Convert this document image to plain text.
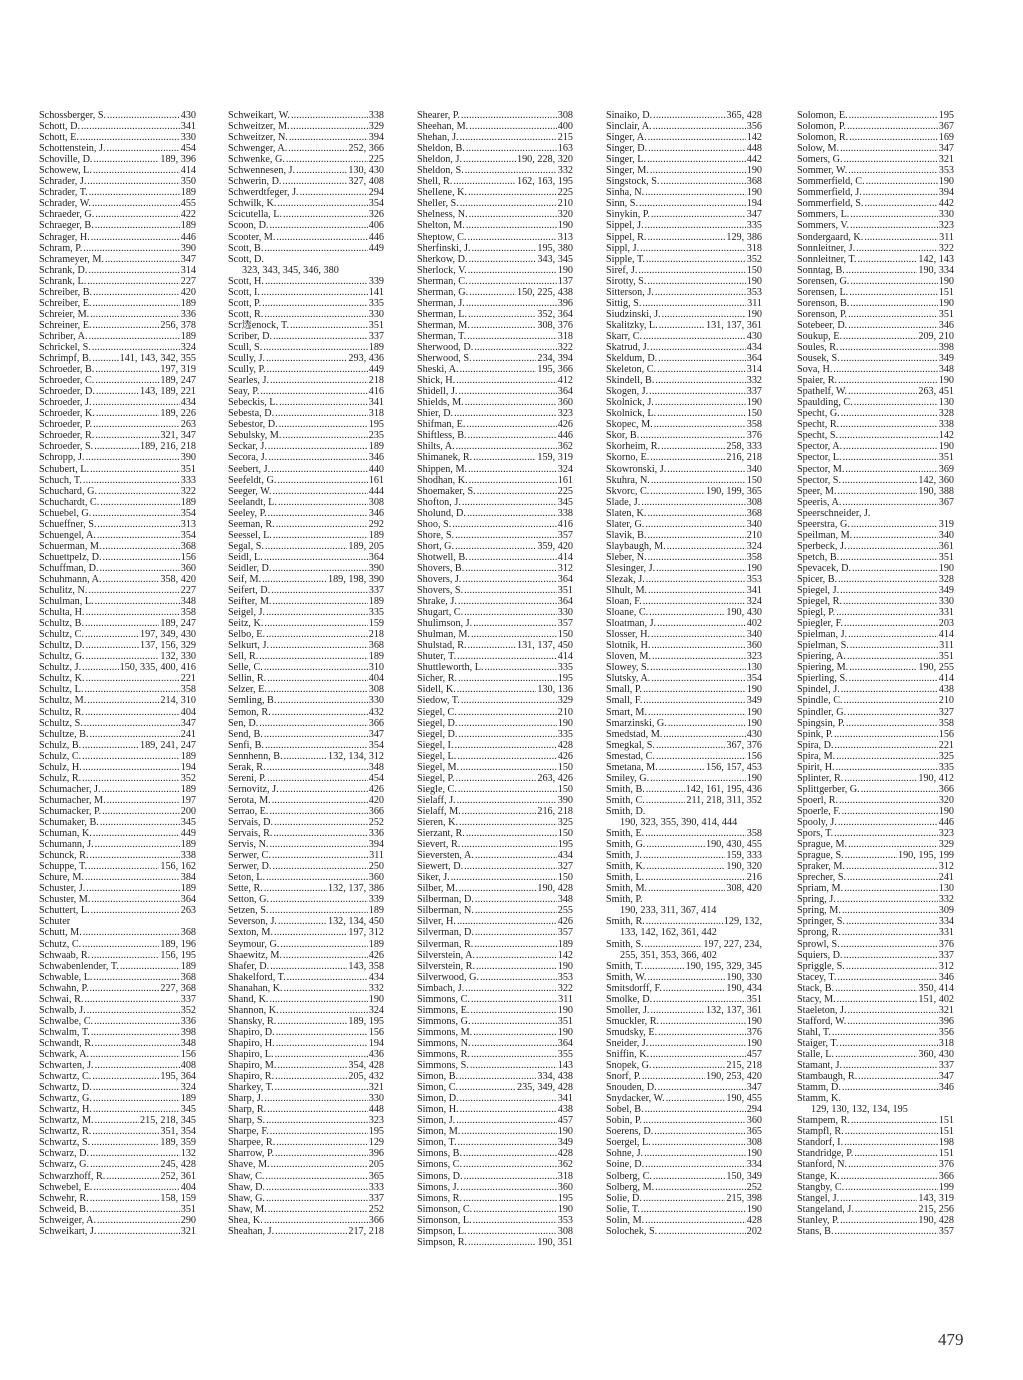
Schossberger, S. . . .	430
Schott, D. . . .	341
Schott, E. . . .	330
Schottenstein, J. . . .	454
Schoville, D. . . .	189, 396
Schowew, L. . . .	414
Schrader, J. . . .	350
Schrader, T. . . .	189
Schrader, W. . . .	455
Schraeder, G. . . .	422
Schraeger, B. . . .	189
Schrager, H. . . .	446
Schram, P. . . .	390
Schrameyer, M. . . .	347
Schrank, D. . . .	314
Schrank, L. . . .	227
Schreiber, B. . . .	420
Schreiber, E. . . .	189
Schreier, M. . . .	336
Schreiner, E. . . .	256, 378
Schriber, A. . . .	189
Schrickel, S. . . .	324
Schrimpf, B. . . .	141, 143, 342, 355
Schroeder, B. . . .	197, 319
Schroeder, C. . . .	189, 247
Schroeder, D. . . .	143, 189, 221
Schroeder, J. . . .	434
Schroeder, K. . . .	189, 226
Schroeder, P. . . .	263
Schroeder, R. . . .	321, 347
Schroeder, S. . . .	189, 216, 218
Schropp, J. . . .	390
Schubert, L. . . .	351
Schuch, T. . . .	333
Schuchard, G. . . .	322
Schuchardt, C. . . .	189
Schuebel, G. . . .	354
Schueffner, S. . . .	313
Schuengel, A. . . .	354
Schuerman, M. . . .	368
Schuettpelz, D. . . .	156
Schuffman, D. . . .	360
Schuhmann, A. . . .	358, 420
Schulitz, N. . . .	227
Schulman, L. . . .	348
Schulta, H. . . .	358
Schultz, B. . . .	189, 247
Schultz, C. . . .	197, 349, 430
Schultz, D. . . .	137, 156, 329
Schultz, G. . . .	132, 330
Schultz, J. . . .	150, 335, 400, 416
Schultz, K. . . .	221
Schultz, L. . . .	358
Schultz, M. . . .	214, 310
Schultz, R. . . .	404
Schultz, S. . . .	347
Schultze, B. . . .	241
Schulz, B. . . .	189, 241, 247
Schulz, C. . . .	189
Schulz, H. . . .	194
Schulz, R. . . .	352
Schumacher, J. . . .	189
Schumacher, M. . . .	197
Schumacker, P. . . .	200
Schumaker, B. . . .	345
Schuman, K. . . .	449
Schumann, J. . . .	189
Schunck, R. . . .	338
Schuppe, T. . . .	156, 162
Schure, M. . . .	384
Schuster, J. . . .	189
Schuster, M. . . .	364
Schuttert, L. . . .	263
Schuter
Schutt, M. . . .	368
Schutz, C. . . .	189, 196
Schwaab, R. . . .	156, 195
Schwabenlender, T. . . .	189
Schwable, L. . . .	368
Schwahn, P. . . .	227, 368
Schwai, R. . . .	337
Schwalb, J. . . .	352
Schwalbe, C. . . .	336
Schwalm, T. . . .	398
Schwandt, R. . . .	348
Schwark, A. . . .	156
Schwarten, J. . . .	408
Schwartz, C. . . .	195, 364
Schwartz, D. . . .	324
Schwartz, G. . . .	189
Schwartz, H. . . .	345
Schwartz, M. . . .	215, 218, 345
Schwartz, R. . . .	351, 354
Schwartz, S. . . .	189, 359
Schwarz, D. . . .	132
Schwarz, G. . . .	245, 428
Schwarzhoff, R. . . .	252, 361
Schwebel, E. . . .	404
Schwehr, R. . . .	158, 159
Schweid, B. . . .	351
Schweiger, A. . . .	290
Schweikart, J. . . .	321
Schweikart, W. . . .	338
Schweitzer, M. . . .	329
Schweitzer, N. . . .	394
Schwenger, A. . . .	252, 366
Schwenke, G. . . .	225
Schwennesen, J. . . .	130, 430
Schwerin, D. . . .	327, 408
Schwerdtfeger, J. . . .	294
Schwilk, K. . . .	354
Scicutella, L. . . .	326
Scoon, D. . . .	406
Scooter, M. . . .	446
Scott, B. . . .	449
Scott, D.
323, 343, 345, 346, 380
Scott, H. . . .	339
Scott, I. . . .	141
Scott, P. . . .	335
Scott, R. . . .	330
Scr透enock, T. . . .	351
Scriber, D. . . .	337
Scull, S. . . .	189
Scully, J. . . .	293, 436
Scully, P. . . .	449
Searles, J. . . .	218
Seay, P. . . .	416
Sebeckis, L. . . .	341
Sebesta, D. . . .	318
Sebestor, D. . . .	195
Sebulsky, M. . . .	235
Seckar, J. . . .	189
Secora, J. . . .	346
Seebert, J. . . .	440
Seefeldt, G. . . .	161
Seeger, W. . . .	444
Seelandt, L. . . .	308
Seeley, P. . . .	346
Seeman, R. . . .	292
Seessel, L. . . .	189
Segal, S. . . .	189, 205
Seidl, L. . . .	364
Seidler, D. . . .	390
Seif, M. . . .	189, 198, 390
Seifert, D. . . .	337
Seifter, M. . . .	189
Seigel, J. . . .	335
Seitz, K. . . .	159
Selbo, E. . . .	218
Selkurt, J. . . .	368
Sell, R. . . .	189
Selle, C. . . .	310
Sellin, R. . . .	404
Selzer, E. . . .	308
Semling, B. . . .	330
Semon, R. . . .	432
Sen, D. . . .	366
Send, B. . . .	347
Senfi, B. . . .	354
Sennhenn, B. . . .	132, 134, 312
Serak, R. . . .	348
Sereni, P. . . .	454
Sernovitz, J. . . .	426
Serota, M. . . .	420
Serrao, E. . . .	366
Servais, D. . . .	252
Servais, R. . . .	336
Servis, N. . . .	394
Serwer, C. . . .	311
Serwer, D. . . .	250
Seton, L. . . .	360
Sette, R. . . .	132, 137, 386
Setton, G. . . .	339
Setzen, S. . . .	189
Severson, J. . . .	132, 134, 450
Sexton, M. . . .	197, 312
Seymour, G. . . .	189
Shaewitz, M. . . .	426
Shafer, D. . . .	143, 358
Shakelford, T. . . .	434
Shanahan, K. . . .	332
Shand, K. . . .	190
Shannon, K. . . .	324
Shansky, R. . . .	189, 195
Shapiro, D. . . .	156
Shapiro, H. . . .	194
Shapiro, L. . . .	436
Shapiro, M. . . .	354, 428
Shapiro, R. . . .	205, 432
Sharkey, T. . . .	321
Sharp, J. . . .	330
Sharp, R. . . .	448
Sharp, S. . . .	323
Sharpe, F. . . .	195
Sharpee, R. . . .	129
Sharrow, P. . . .	396
Shave, M. . . .	205
Shaw, C. . . .	365
Shaw, D. . . .	333
Shaw, G. . . .	337
Shaw, M. . . .	252
Shea, K. . . .	366
Sheahan, J. . . .	217, 218
Shearer, P. . . .	308
Sheehan, M. . . .	400
Shehan, J. . . .	215
Sheldon, B. . . .	163
Sheldon, J. . . .	190, 228, 320
Sheldon, S. . . .	332
Shell, R. . . .	162, 163, 195
Shellene, K. . . .	225
Sheller, S. . . .	210
Shelness, N. . . .	320
Shelton, M. . . .	190
Sheptow, C. . . .	313
Sherfinski, J. . . .	195, 380
Sherkow, D. . . .	343, 345
Sherlock, V. . . .	190
Sherman, C. . . .	137
Sherman, G. . . .	150, 225, 438
Sherman, J. . . .	396
Sherman, L. . . .	352, 364
Sherman, M. . . .	308, 376
Sherman, T. . . .	318
Sherwood, D. . . .	322
Sherwood, S. . . .	234, 394
Sheski, A. . . .	195, 366
Shick, H. . . .	412
Shidell, J. . . .	364
Shields, M. . . .	360
Shier, D. . . .	323
Shifman, E. . . .	426
Shiftless, B. . . .	446
Shilts, A. . . .	362
Shimanek, R. . . .	159, 319
Shippen, M. . . .	324
Shodhan, K. . . .	161
Shoemaker, S. . . .	225
Shofton, J. . . .	345
Sholund, D. . . .	338
Shoo, S. . . .	416
Shore, S. . . .	357
Short, G. . . .	359, 420
Shotwell, B. . . .	414
Shovers, B. . . .	312
Shovers, J. . . .	364
Shovers, S. . . .	351
Shrake, J. . . .	364
Shugart, C. . . .	330
Shulimson, J. . . .	357
Shulman, M. . . .	150
Shulstad, R. . . .	131, 137, 450
Shuter, T. . . .	414
Shuttleworth, L. . . .	335
Sicher, R. . . .	195
Sidell, K. . . .	130, 136
Siedow, T. . . .	329
Siegel, C. . . .	210
Siegel, D. . . .	190
Siegel, D. . . .	335
Siegel, I. . . .	428
Siegel, L. . . .	426
Siegel, M. . . .	150
Siegel, P. . . .	263, 426
Siegle, C. . . .	150
Sielaff, J. . . .	390
Sielaff, M. . . .	216, 218
Sieren, K. . . .	325
Sierzant, R. . . .	150
Sievert, R. . . .	195
Sieversten, A. . . .	434
Siewert, D. . . .	327
Siker, J. . . .	150
Silber, M. . . .	190, 428
Silberman, D. . . .	348
Silberman, N. . . .	255
Silver, H. . . .	426
Silverman, D. . . .	357
Silverman, R. . . .	189
Silverstein, A. . . .	142
Silverstein, R. . . .	190
Silverwood, G. . . .	353
Simbach, J. . . .	322
Simmons, C. . . .	311
Simmons, E. . . .	190
Simmons, G. . . .	351
Simmons, M. . . .	190
Simmons, N. . . .	364
Simmons, R. . . .	355
Simmons, S. . . .	143
Simon, B. . . .	334, 438
Simon, C. . . .	235, 349, 428
Simon, D. . . .	341
Simon, H. . . .	438
Simon, J. . . .	457
Simon, M. . . .	190
Simon, T. . . .	349
Simons, B. . . .	428
Simons, C. . . .	362
Simons, D. . . .	318
Simons, J. . . .	360
Simons, R. . . .	195
Simonson, C. . . .	190
Simonson, L. . . .	353
Simpson, L. . . .	308
Simpson, R. . . .	190, 351
Sinaiko, D. . . .	365, 428
Sinclair, A. . . .	356
Singer, A. . . .	142
Singer, D. . . .	448
Singer, L. . . .	442
Singer, M. . . .	190
Singstock, S. . . .	368
Sinha, N. . . .	190
Sinn, S. . . .	194
Sinykin, P. . . .	347
Sippel, J. . . .	335
Sippel, R. . . .	129, 386
Sippl, J. . . .	318
Sipple, T. . . .	352
Siref, J. . . .	150
Sirotty, S. . . .	190
Sitterson, J. . . .	353
Sittig, S. . . .	311
Siudzinski, J. . . .	190
Skalitzky, L. . . .	131, 137, 361
Skarr, C. . . .	430
Skatrud, J. . . .	434
Skeldum, D. . . .	364
Skeleton, C. . . .	314
Skindell, B. . . .	332
Skogen, J. . . .	337
Skolnick, J. . . .	190
Skolnick, L. . . .	150
Skopec, M. . . .	358
Skor, B. . . .	376
Skorheim, R. . . .	258, 333
Skorno, E. . . .	216, 218
Skowronski, J. . . .	340
Skuhra, N. . . .	150
Skvorc, C. . . .	190, 199, 365
Slade, J. . . .	308
Slaten, K. . . .	368
Slater, G. . . .	340
Slavik, B. . . .	210
Slaybaugh, M. . . .	324
Sleber, N. . . .	358
Slesinger, J. . . .	190
Slezak, J. . . .	353
Slhult, M. . . .	341
Sloan, F. . . .	324
Sloane, C. . . .	190, 430
Sloatman, J. . . .	402
Slosser, H. . . .	340
Slotnik, H. . . .	360
Sloven, M. . . .	323
Slowey, S. . . .	130
Slutsky, A. . . .	354
Small, P. . . .	190
Small, F. . . .	349
Smart, M. . . .	190
Smarzinski, G. . . .	190
Smedstad, M. . . .	430
Smegkal, S. . . .	367, 376
Smestad, C. . . .	156
Smetana, M. . . .	156, 157, 453
Smiley, G. . . .	190
Smith, B. . . .	142, 161, 195, 436
Smith, C. . . .	211, 218, 311, 352
Smith, D.
190, 323, 355, 390, 414, 444
Smith, E. . . .	358
Smith, G. . . .	190, 430, 455
Smith, J. . . .	159, 333
Smith, K. . . .	190, 320
Smith, L. . . .	216
Smith, M. . . .	308, 420
Smith, P.
190, 233, 311, 367, 414
Smith, R. . . .	129, 132,
133, 142, 162, 361, 442
Smith, S. . . .	197, 227, 234,
255, 351, 353, 366, 402
Smith, T. . . .	190, 195, 329, 345
Smith, W. . . .	190, 330
Smitsdorff, F. . . .	190, 434
Smolke, D. . . .	351
Smoller, J. . . .	132, 137, 361
Smuckler, R. . . .	190
Smudsky, E. . . .	376
Sneider, J. . . .	190
Sniffin, K. . . .	457
Snopek, G. . . .	215, 218
Snorf, P. . . .	190, 253, 420
Snouden, D. . . .	347
Snydacker, W. . . .	190, 455
Sobel, B. . . .	294
Sobin, P. . . .	360
Soerens, D. . . .	365
Soergel, L. . . .	308
Sohne, J. . . .	190
Soine, D. . . .	334
Solberg, C. . . .	150, 349
Solberg, M. . . .	252
Solie, D. . . .	215, 398
Solie, T. . . .	190
Solin, M. . . .	428
Solochek, S. . . .	202
Solomon, E. . . .	195
Solomon, P. . . .	367
Solomon, R. . . .	169
Solow, M. . . .	347
Somers, G. . . .	321
Sommer, W. . . .	353
Sommerfield, C. . . .	190
Sommerfield, J. . . .	394
Sommerfield, S. . . .	442
Sommers, L. . . .	330
Sommers, V. . . .	323
Sondergaard, K. . . .	311
Sonnleitner, J. . . .	322
Sonnleitner, T. . . .	142, 143
Sonntag, B. . . .	190, 334
Sorensen, G. . . .	190
Sorensen, L. . . .	151
Sorenson, B. . . .	190
Sorenson, P. . . .	351
Sotebeer, D. . . .	346
Soukup, E. . . .	209, 210
Soules, R. . . .	398
Sousek, S. . . .	349
Sova, H. . . .	348
Spaier, R. . . .	190
Spathelf, W. . . .	263, 451
Spaulding, C. . . .	130
Specht, G. . . .	328
Specht, R. . . .	338
Specht, S. . . .	142
Spector, A. . . .	190
Spector, L. . . .	351
Spector, M. . . .	369
Spector, S. . . .	142, 360
Speer, M. . . .	190, 388
Speeris, A. . . .	367
Speerschneider, J.
Speerstra, G. . . .	319
Speilman, M. . . .	340
Sperbeck, J. . . .	361
Spetch, B. . . .	351
Spevacek, D. . . .	190
Spicer, B. . . .	328
Spiegel, J. . . .	349
Spiegel, R. . . .	330
Spiegl, P. . . .	331
Spiegler, F. . . .	203
Spielman, J. . . .	414
Spielman, S. . . .	311
Spiering, A. . . .	351
Spiering, M. . . .	190, 255
Spierling, S. . . .	414
Spindel, J. . . .	438
Spindle, C. . . .	210
Spindler, G. . . .	327
Spingsin, P. . . .	358
Spink, P. . . .	156
Spira, D. . . .	221
Spira, M. . . .	325
Spirit, H. . . .	335
Splinter, R. . . .	190, 412
Splittgerber, G. . . .	366
Spoerl, R. . . .	320
Spoerle, F. . . .	190
Spooly, J. . . .	446
Spors, T. . . .	323
Sprague, M. . . .	329
Sprague, S. . . .	190, 195, 199
Spraker, M. . . .	312
Sprecher, S. . . .	241
Spriam, M. . . .	130
Spring, J. . . .	332
Spring, M. . . .	309
Springer, S. . . .	334
Sprong, R. . . .	331
Sprowl, S. . . .	376
Squiers, D. . . .	337
Spriggle, S. . . .	312
Stacey, T. . . .	346
Stack, B. . . .	350, 414
Stacy, M. . . .	151, 402
Staeleton, J. . . .	321
Stafford, W. . . .	396
Stahl, T. . . .	356
Staiger, T. . . .	318
Stalle, L. . . .	360, 430
Stamant, J. . . .	337
Stambaugh, R. . . .	347
Stamm, D. . . .	346
Stamm, K.
129, 130, 132, 134, 195
Stampem, R. . . .	151
Stampfl, R. . . .	151
Standorf, I. . . .	198
Standridge, P. . . .	151
Stanford, N. . . .	376
Stange, K. . . .	366
Stangby, C. . . .	199
Stangel, J. . . .	143, 319
Stangeland, J. . . .	215, 256
Stanley, P. . . .	190, 428
Stans, B. . . .	357
479
